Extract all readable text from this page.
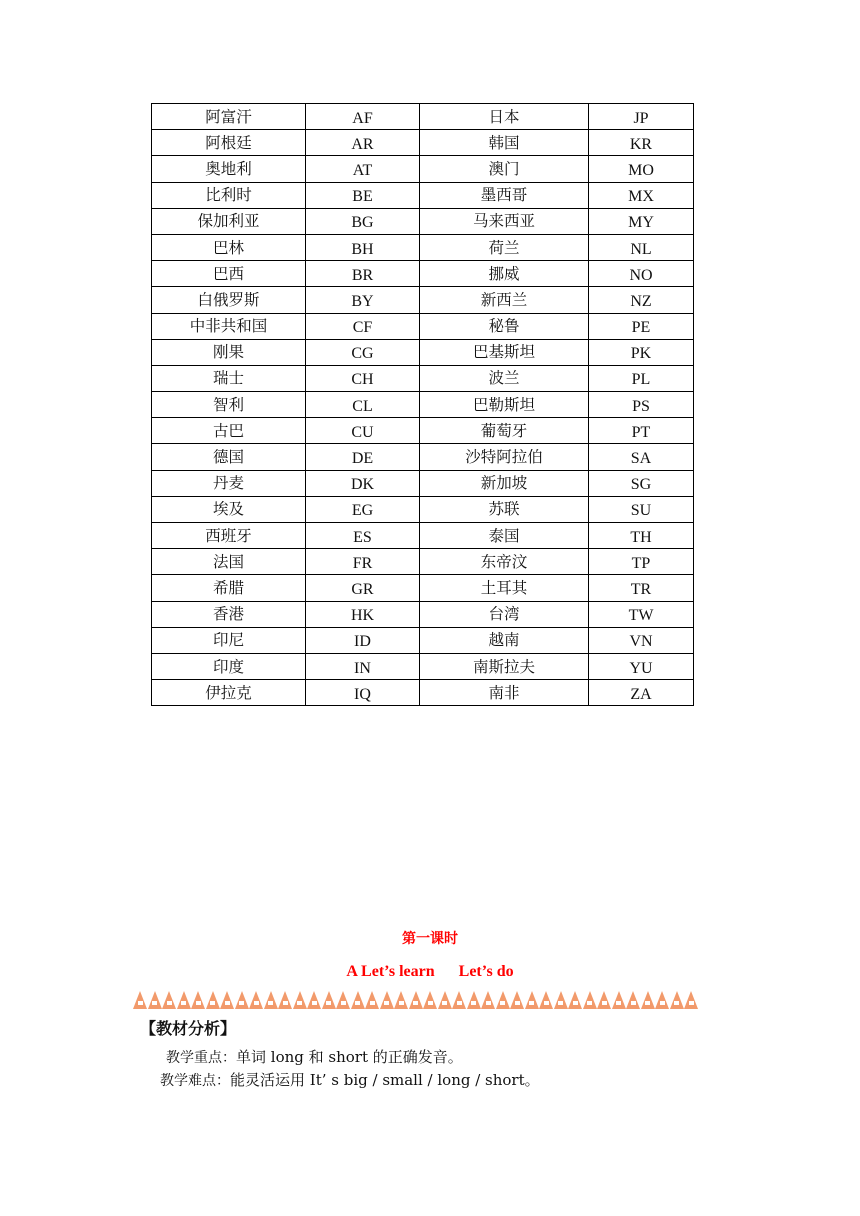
阿富汗	AF	日本	JP
阿根廷	AR	韩国	KR
奥地利	AT	澳门	MO
比利时	BE	墨西哥	MX
保加利亚	BG	马来西亚	MY
巴林	BH	荷兰	NL
巴西	BR	挪威	NO
白俄罗斯	BY	新西兰	NZ
中非共和国	CF	秘鲁	PE
刚果	CG	巴基斯坦	PK
瑞士	CH	波兰	PL
智利	CL	巴勒斯坦	PS
古巴	CU	葡萄牙	PT
德国	DE	沙特阿拉伯	SA
丹麦	DK	新加坡	SG
埃及	EG	苏联	SU
西班牙	ES	泰国	TH
法国	FR	东帝汶	TP
希腊	GR	土耳其	TR
香港	HK	台湾	TW
印尼	ID	越南	VN
印度	IN	南斯拉夫	YU
伊拉克	IQ	南非	ZA
第一课时
A Let’s learn Let’s do
【教材分析】
教学重点：单词 long 和 short 的正确发音。
教学难点：能灵活运用 It’ s big / small / long / short。
